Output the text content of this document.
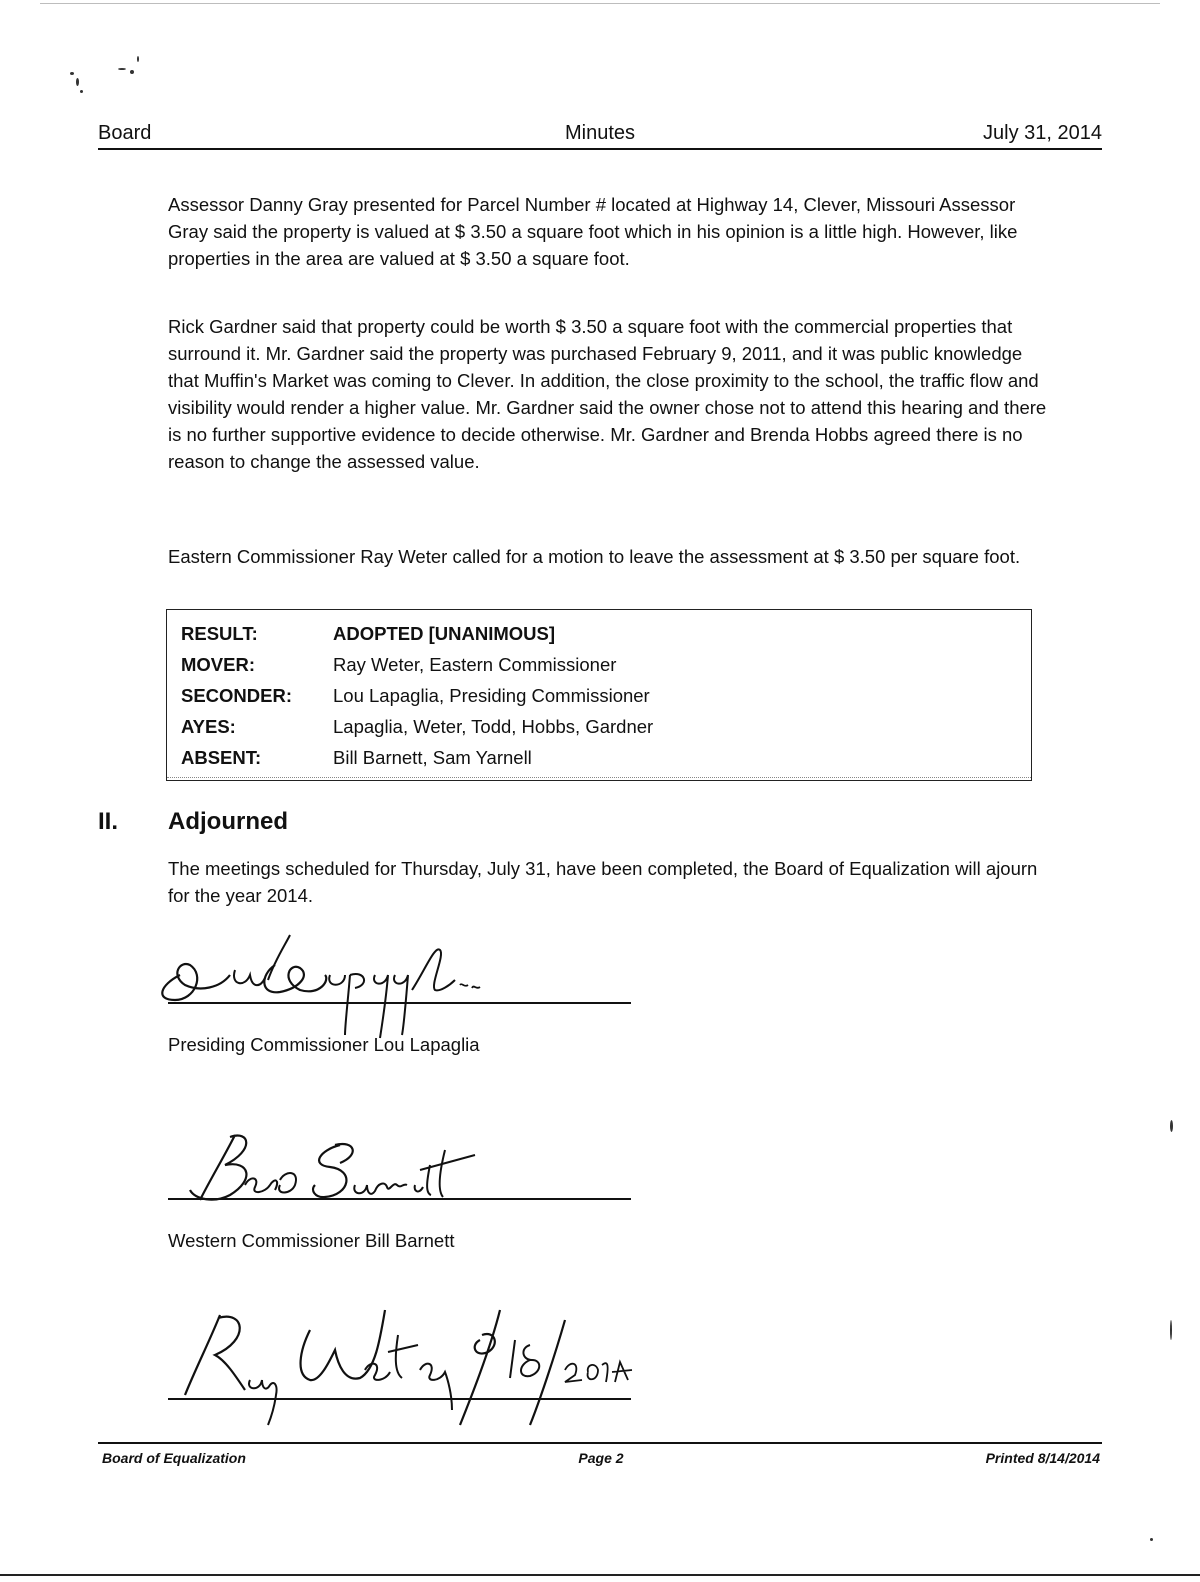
Board	Minutes	July 31, 2014

Assessor Danny Gray presented for Parcel Number # located at Highway 14, Clever, Missouri Assessor Gray said the property is valued at $ 3.50 a square foot which in his opinion is a little high. However, like properties in the area are valued at $ 3.50 a square foot.

Rick Gardner said that property could be worth $ 3.50 a square foot with the commercial properties that surround it. Mr. Gardner said the property was purchased February 9, 2011, and it was public knowledge that Muffin's Market was coming to Clever. In addition, the close proximity to the school, the traffic flow and visibility would render a higher value. Mr. Gardner said the owner chose not to attend this hearing and there is no further supportive evidence to decide otherwise. Mr. Gardner and Brenda Hobbs agreed there is no reason to change the assessed value.

Eastern Commissioner Ray Weter called for a motion to leave the assessment at $ 3.50 per square foot.

RESULT:	ADOPTED [UNANIMOUS]
MOVER:	Ray Weter, Eastern Commissioner
SECONDER:	Lou Lapaglia, Presiding Commissioner
AYES:	Lapaglia, Weter, Todd, Hobbs, Gardner
ABSENT:	Bill Barnett, Sam Yarnell
II. Adjourned

The meetings scheduled for Thursday, July 31, have been completed, the Board of Equalization will ajourn for the year 2014.

Presiding Commissioner Lou Lapaglia
Western Commissioner Bill Barnett
Board of Equalization	Page 2	Printed 8/14/2014
